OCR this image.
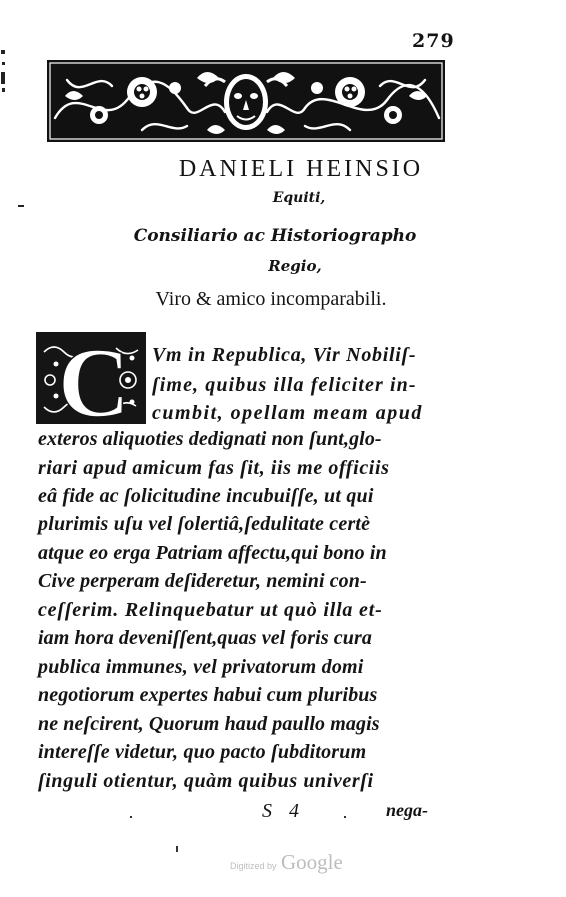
279
DANIELI HEINSIO
Equiti,
Consiliario ac Historiographo
Regio,
Viro & amico incomparabili.
C Vm in Republica, Vir Nobiliſ-
ſime, quibus illa feliciter in-
cumbit, opellam meam apud
exteros aliquoties dedignati non ſunt,glo-
riari apud amicum fas ſit, iis me officiis
eâ fide ac ſolicitudine incubuiſſe, ut qui
plurimis uſu vel ſolertiâ,ſedulitate certè
atque eo erga Patriam affectu,qui bono in
Cive perperam deſideretur, nemini con-
ceſſerim. Relinquebatur ut quò illa et-
iam hora deveniſſent,quas vel foris cura
publica immunes, vel privatorum domi
negotiorum expertes habui cum pluribus
ne neſcirent, Quorum haud paullo magis
intereſſe videtur, quo pacto ſubditorum
ſinguli otientur, quàm quibus univerſi
S 4	nega-
Digitized by Google
